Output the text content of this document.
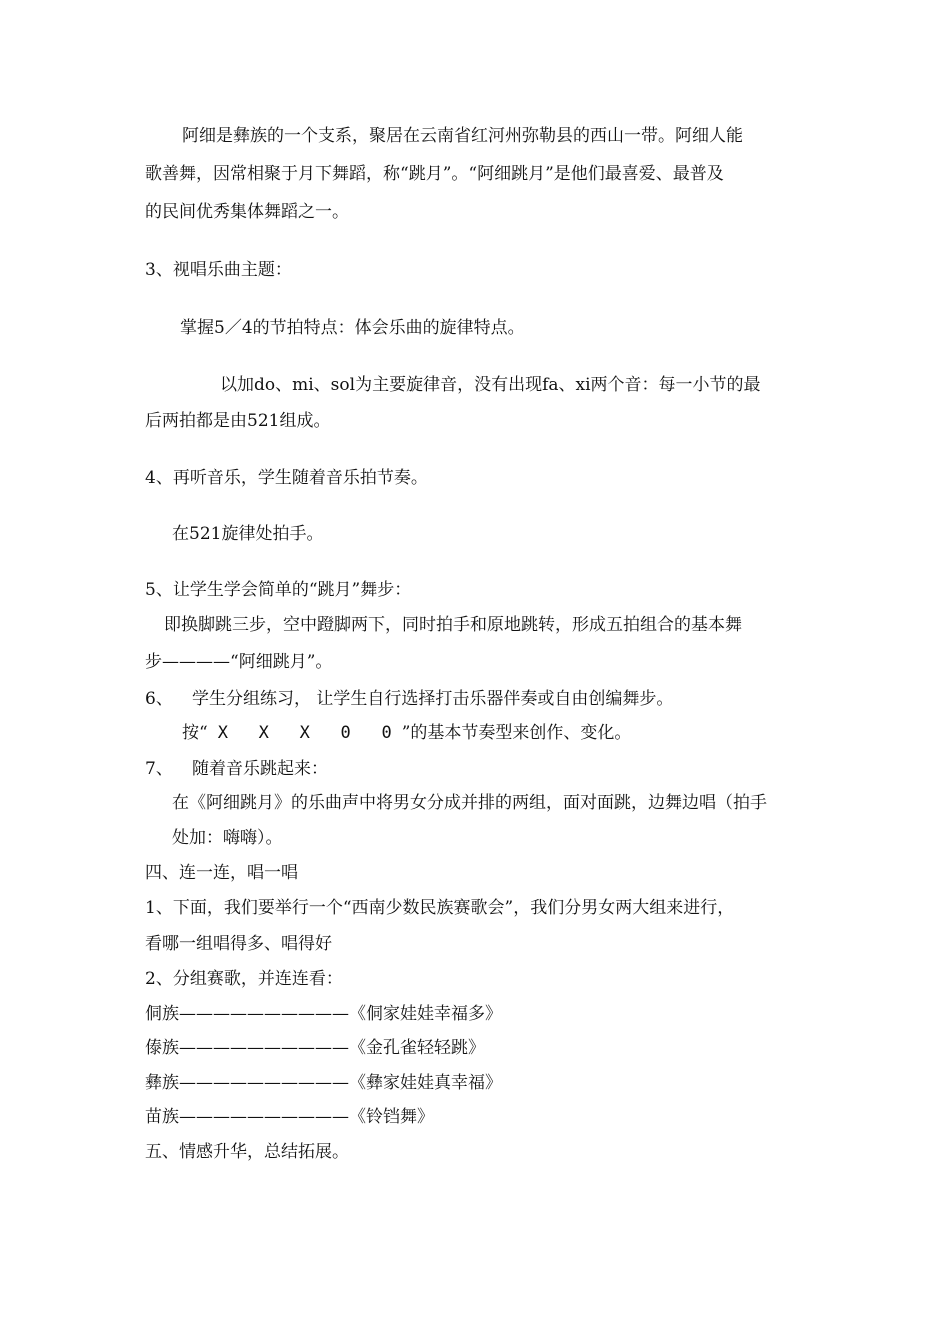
阿细是彝族的一个支系，聚居在云南省红河州弥勒县的西山一带。阿细人能
歌善舞，因常相聚于月下舞蹈，称“跳月”。“阿细跳月”是他们最喜爱、最普及
的民间优秀集体舞蹈之一。
3、视唱乐曲主题：
掌握5／4的节拍特点：体会乐曲的旋律特点。
以加do、mi、sol为主要旋律音，没有出现fa、xi两个音：每一小节的最
后两拍都是由521组成。
4、再听音乐，学生随着音乐拍节奏。
在521旋律处拍手。
5、让学生学会简单的“跳月”舞步：
即换脚跳三步，空中蹬脚两下，同时拍手和原地跳转，形成五拍组合的基本舞
步————“阿细跳月”。
6、 学生分组练习， 让学生自行选择打击乐器伴奏或自由创编舞步。
按“ X   X   X   0   0 ”的基本节奏型来创作、变化。
7、 随着音乐跳起来：
在《阿细跳月》的乐曲声中将男女分成并排的两组，面对面跳，边舞边唱（拍手
处加：嗨嗨）。
四、连一连，唱一唱
1、下面，我们要举行一个“西南少数民族赛歌会”，我们分男女两大组来进行，
看哪一组唱得多、唱得好
2、分组赛歌，并连连看：
侗族——————————《侗家娃娃幸福多》
傣族——————————《金孔雀轻轻跳》
彝族——————————《彝家娃娃真幸福》
苗族——————————《铃铛舞》
五、情感升华，总结拓展。
